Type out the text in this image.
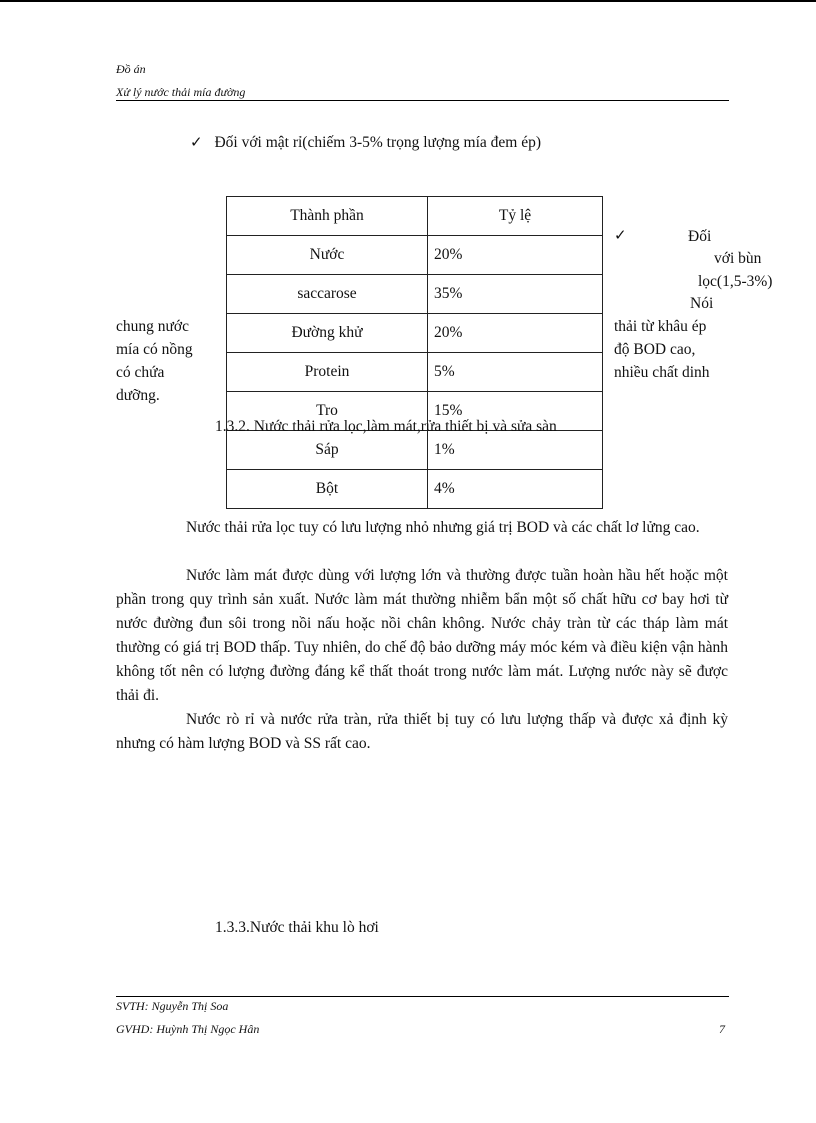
Đồ án
Xử lý nước thải mía đường
✓ Đối với mật rỉ(chiếm 3-5% trọng lượng mía đem ép)
chung nước
mía có nồng
có chứa
dưỡng.
✓	Đối
với bùn
lọc(1,5-3%)
Nói
thải từ khâu ép
độ BOD cao,
nhiều chất dinh
Thành phần	Tỷ lệ
Nước	20%
saccarose	35%
Đường khử	20%
Protein	5%
Tro	15%
Sáp	1%
Bột	4%
1.3.2. Nước thải rửa lọc,làm mát,rửa thiết bị và sửa sàn
Nước thải rửa lọc tuy có lưu lượng nhỏ nhưng giá trị BOD và các chất lơ lửng cao.
Nước làm mát được dùng với lượng lớn và thường được tuần hoàn hầu hết hoặc một phần trong quy trình sản xuất. Nước làm mát thường nhiễm bẩn một số chất hữu cơ bay hơi từ nước đường đun sôi trong nồi nấu hoặc nồi chân không. Nước chảy tràn từ các tháp làm mát thường có giá trị BOD thấp. Tuy nhiên, do chế độ bảo dưỡng máy móc kém và điều kiện vận hành không tốt nên có lượng đường đáng kể thất thoát trong nước làm mát. Lượng nước này sẽ được thải đi.
Nước rò rỉ và nước rửa tràn, rửa thiết bị tuy có lưu lượng thấp và được xả định kỳ nhưng có hàm lượng BOD và SS rất cao.
1.3.3.Nước thải khu lò hơi
SVTH: Nguyễn Thị Soa
GVHD: Huỳnh Thị Ngọc Hân	7
